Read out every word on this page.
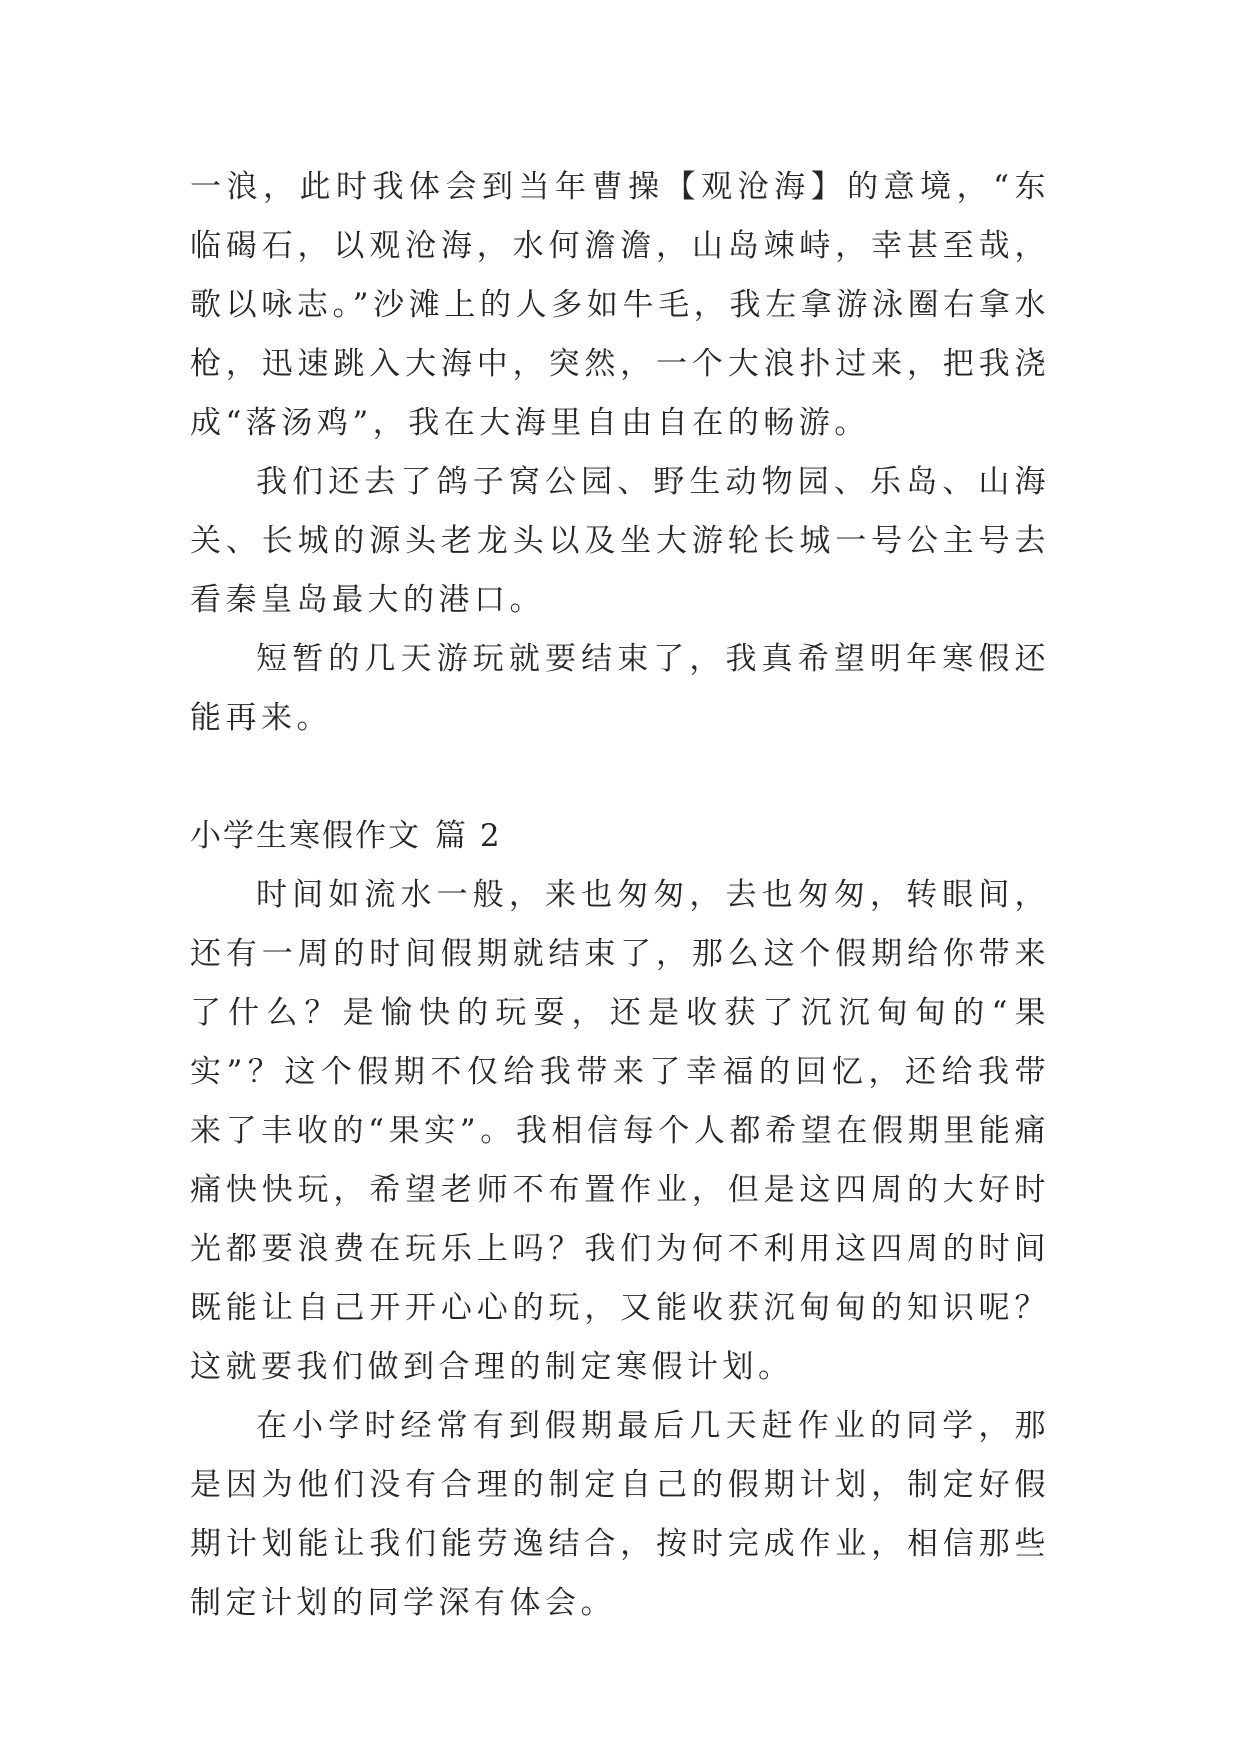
一浪，此时我体会到当年曹操【观沧海】的意境，“东临碣石，以观沧海，水何澹澹，山岛竦峙，幸甚至哉，歌以咏志。”沙滩上的人多如牛毛，我左拿游泳圈右拿水枪，迅速跳入大海中，突然，一个大浪扑过来，把我浇成“落汤鸡”，我在大海里自由自在的畅游。

我们还去了鸽子窝公园、野生动物园、乐岛、山海关、长城的源头老龙头以及坐大游轮长城一号公主号去看秦皇岛最大的港口。

短暂的几天游玩就要结束了，我真希望明年寒假还能再来。

小学生寒假作文 篇 2

时间如流水一般，来也匆匆，去也匆匆，转眼间，还有一周的时间假期就结束了，那么这个假期给你带来了什么？是愉快的玩耍，还是收获了沉沉甸甸的“果实”？这个假期不仅给我带来了幸福的回忆，还给我带来了丰收的“果实”。我相信每个人都希望在假期里能痛痛快快玩，希望老师不布置作业，但是这四周的大好时光都要浪费在玩乐上吗？我们为何不利用这四周的时间既能让自己开开心心的玩，又能收获沉甸甸的知识呢？这就要我们做到合理的制定寒假计划。

在小学时经常有到假期最后几天赶作业的同学，那是因为他们没有合理的制定自己的假期计划，制定好假期计划能让我们能劳逸结合，按时完成作业，相信那些制定计划的同学深有体会。
